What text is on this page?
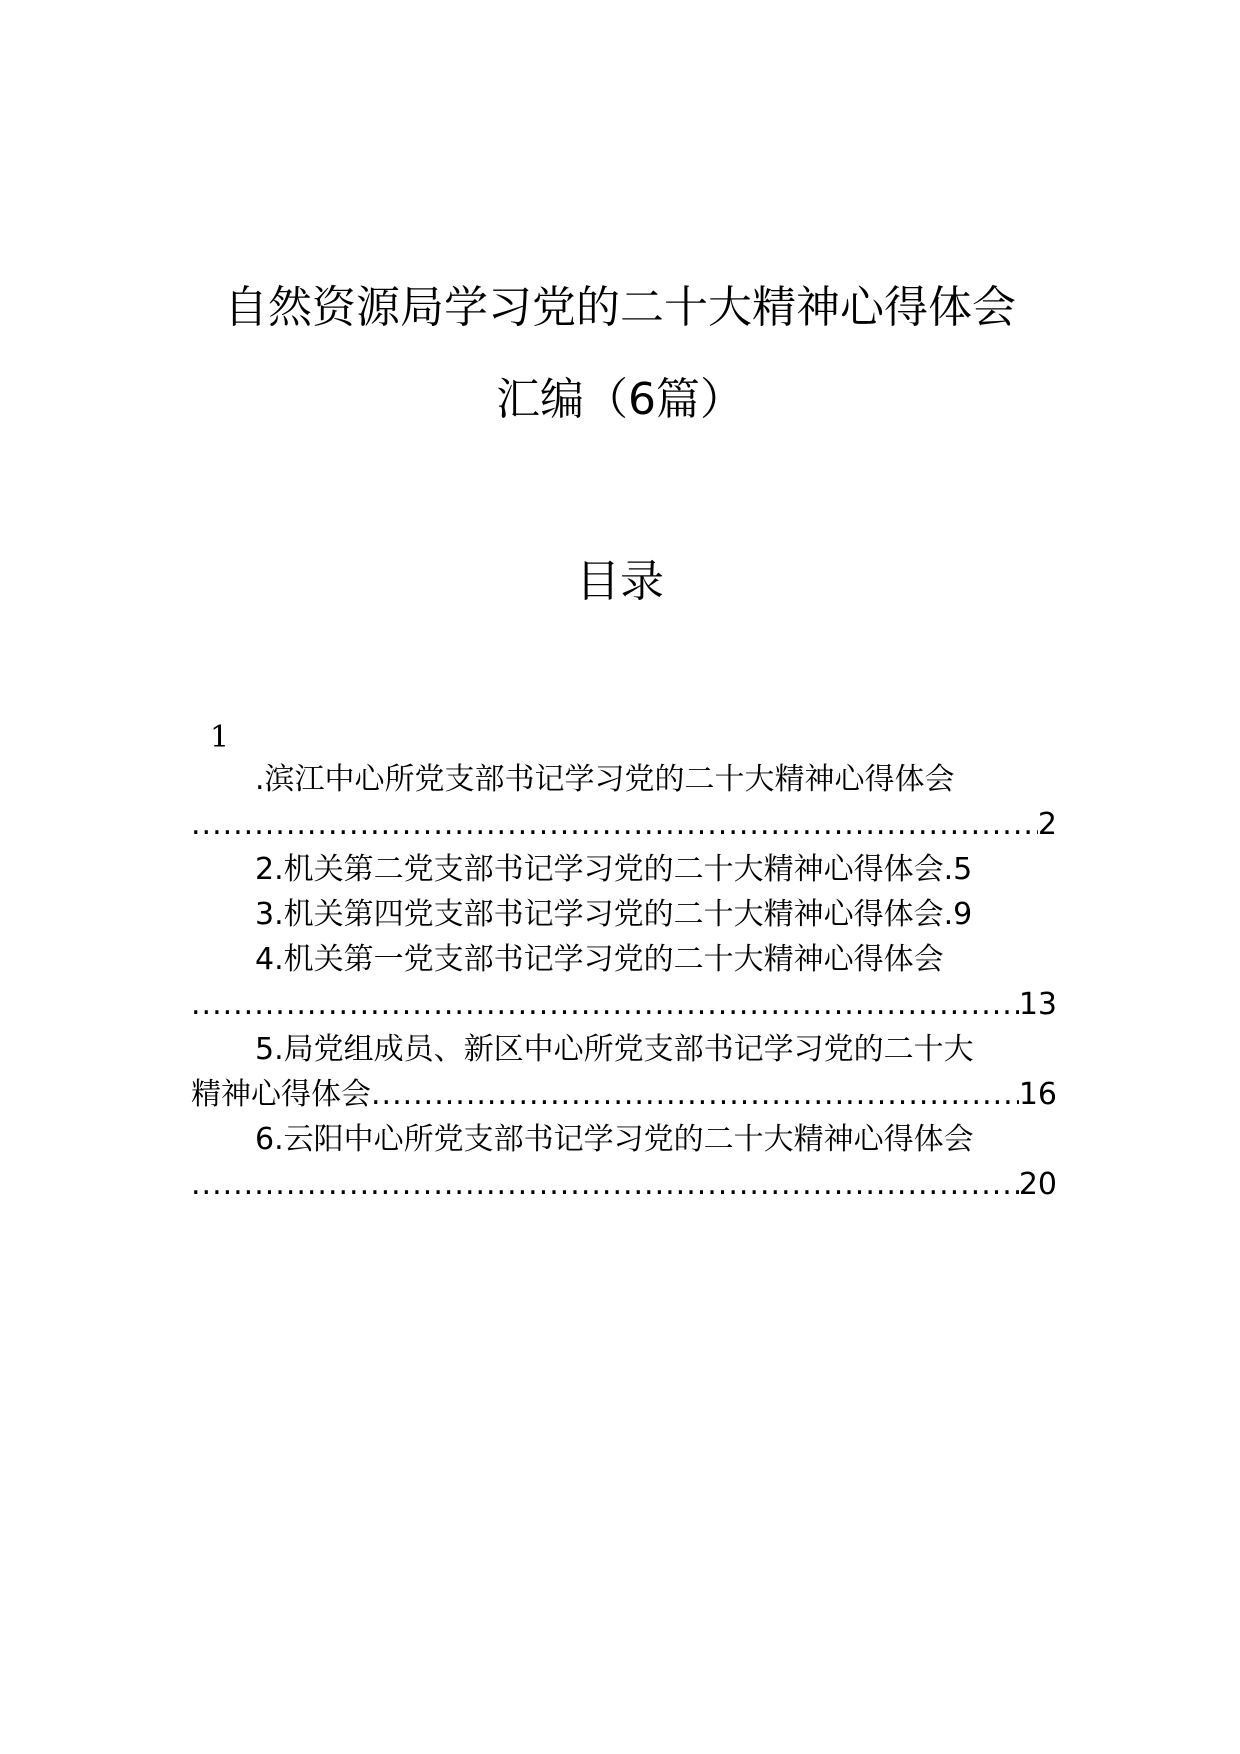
自然资源局学习党的二十大精神心得体会
汇编（6篇）
目录
1
.滨江中心所党支部书记学习党的二十大精神心得体会
.....
2
2. 机关第二党支部书记学习党的二十大精神心得体会. 5
3. 机关第四党支部书记学习党的二十大精神心得体会. 9
4. 机关第一党支部书记学习党的二十大精神心得体会
.....
13
5. 局党组成员、新区中心所党支部书记学习党的二十大
精神心得体会 .....	16
6. 云阳中心所党支部书记学习党的二十大精神心得体会
.....
20
